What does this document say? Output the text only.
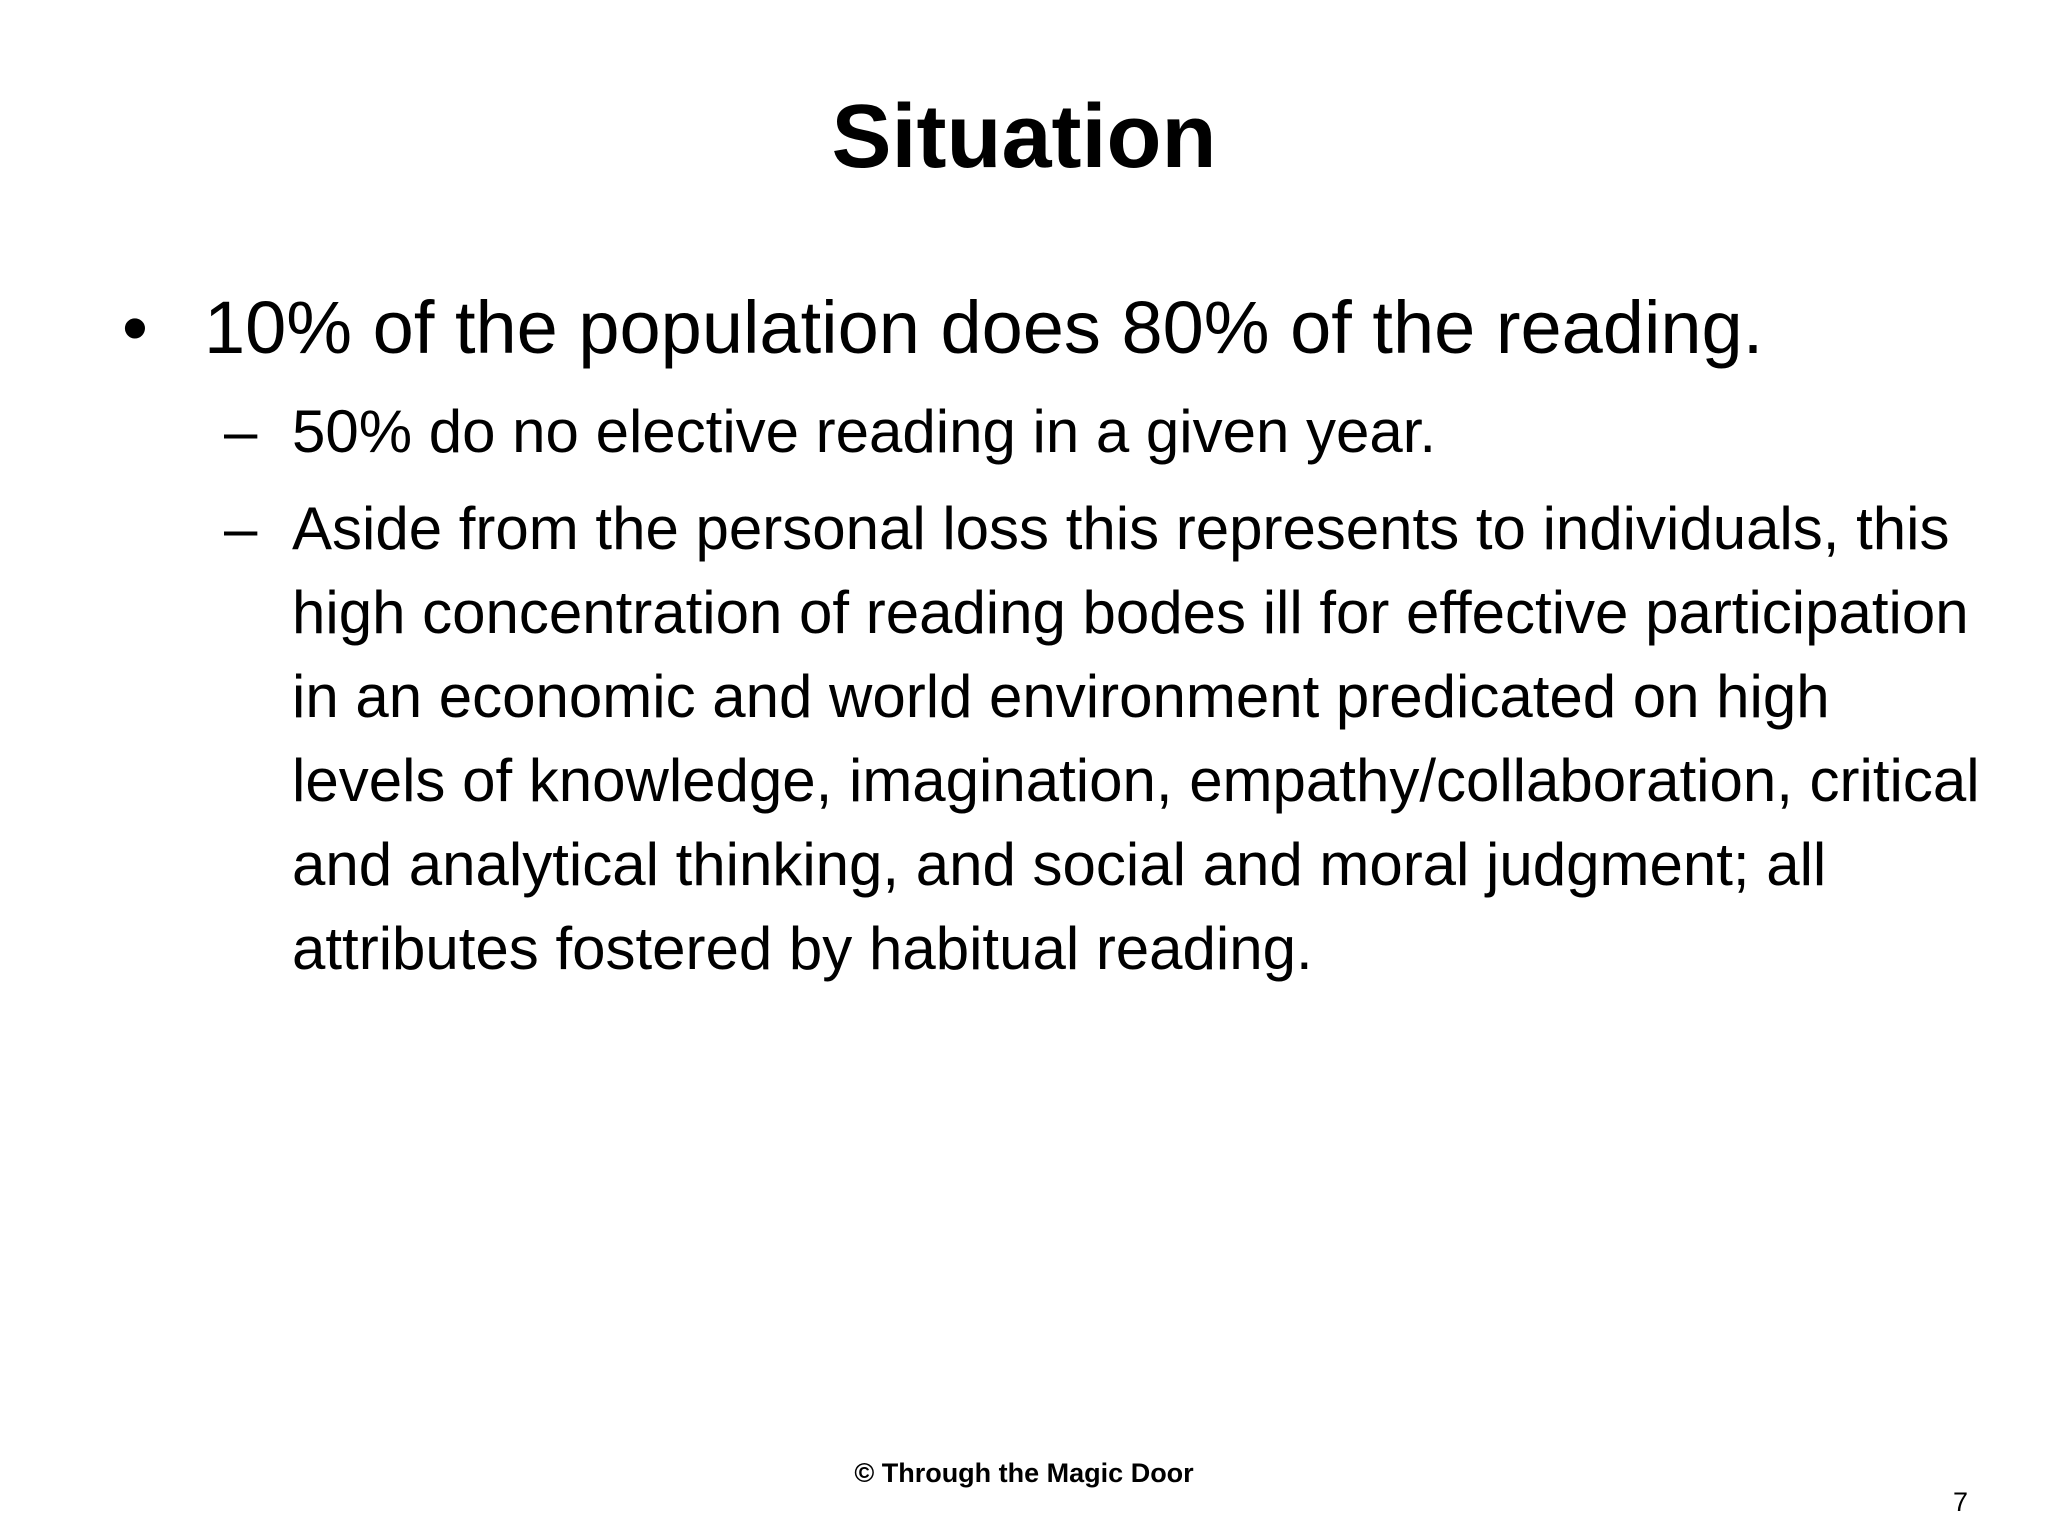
Situation
• 10% of the population does 80% of the reading.
– 50% do no elective reading in a given year.
– Aside from the personal loss this represents to individuals, this high concentration of reading bodes ill for effective participation in an economic and world environment predicated on high levels of knowledge, imagination, empathy/collaboration, critical and analytical thinking, and social and moral judgment; all attributes fostered by habitual reading.
© Through the Magic Door
7
